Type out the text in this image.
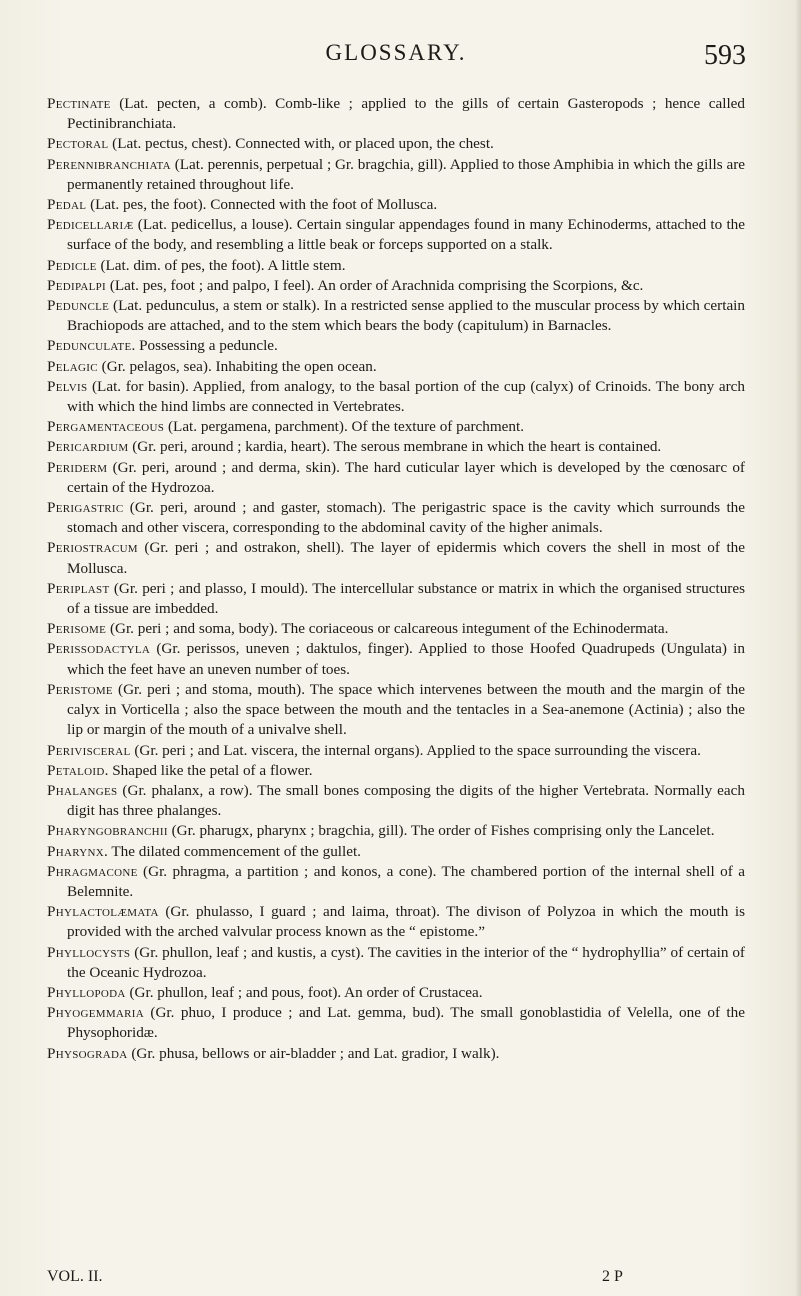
GLOSSARY.	593

Pectinate (Lat. pecten, a comb). Comb-like ; applied to the gills of certain Gasteropods ; hence called Pectinibranchiata.

Pectoral (Lat. pectus, chest). Connected with, or placed upon, the chest.

Perennibranchiata (Lat. perennis, perpetual ; Gr. bragchia, gill). Applied to those Amphibia in which the gills are permanently retained throughout life.

Pedal (Lat. pes, the foot). Connected with the foot of Mollusca.

Pedicellariæ (Lat. pedicellus, a louse). Certain singular appendages found in many Echinoderms, attached to the surface of the body, and resembling a little beak or forceps supported on a stalk.

Pedicle (Lat. dim. of pes, the foot). A little stem.

Pedipalpi (Lat. pes, foot ; and palpo, I feel). An order of Arachnida comprising the Scorpions, &c.

Peduncle (Lat. pedunculus, a stem or stalk). In a restricted sense applied to the muscular process by which certain Brachiopods are attached, and to the stem which bears the body (capitulum) in Barnacles.

Pedunculate. Possessing a peduncle.

Pelagic (Gr. pelagos, sea). Inhabiting the open ocean.

Pelvis (Lat. for basin). Applied, from analogy, to the basal portion of the cup (calyx) of Crinoids. The bony arch with which the hind limbs are connected in Vertebrates.

Pergamentaceous (Lat. pergamena, parchment). Of the texture of parchment.

Pericardium (Gr. peri, around ; kardia, heart). The serous membrane in which the heart is contained.

Periderm (Gr. peri, around ; and derma, skin). The hard cuticular layer which is developed by the cœnosarc of certain of the Hydrozoa.

Perigastric (Gr. peri, around ; and gaster, stomach). The perigastric space is the cavity which surrounds the stomach and other viscera, corresponding to the abdominal cavity of the higher animals.

Periostracum (Gr. peri ; and ostrakon, shell). The layer of epidermis which covers the shell in most of the Mollusca.

Periplast (Gr. peri ; and plasso, I mould). The intercellular substance or matrix in which the organised structures of a tissue are imbedded.

Perisome (Gr. peri ; and soma, body). The coriaceous or calcareous integument of the Echinodermata.

Perissodactyla (Gr. perissos, uneven ; daktulos, finger). Applied to those Hoofed Quadrupeds (Ungulata) in which the feet have an uneven number of toes.

Peristome (Gr. peri ; and stoma, mouth). The space which intervenes between the mouth and the margin of the calyx in Vorticella ; also the space between the mouth and the tentacles in a Sea-anemone (Actinia) ; also the lip or margin of the mouth of a univalve shell.

Perivisceral (Gr. peri ; and Lat. viscera, the internal organs). Applied to the space surrounding the viscera.

Petaloid. Shaped like the petal of a flower.

Phalanges (Gr. phalanx, a row). The small bones composing the digits of the higher Vertebrata. Normally each digit has three phalanges.

Pharyngobranchii (Gr. pharugx, pharynx ; bragchia, gill). The order of Fishes comprising only the Lancelet.

Pharynx. The dilated commencement of the gullet.

Phragmacone (Gr. phragma, a partition ; and konos, a cone). The chambered portion of the internal shell of a Belemnite.

Phylactolæmata (Gr. phulasso, I guard ; and laima, throat). The divison of Polyzoa in which the mouth is provided with the arched valvular process known as the “ epistome.”

Phyllocysts (Gr. phullon, leaf ; and kustis, a cyst). The cavities in the interior of the “ hydrophyllia” of certain of the Oceanic Hydrozoa.

Phyllopoda (Gr. phullon, leaf ; and pous, foot). An order of Crustacea.

Phyogemmaria (Gr. phuo, I produce ; and Lat. gemma, bud). The small gonoblastidia of Velella, one of the Physophoridæ.

Physograda (Gr. phusa, bellows or air-bladder ; and Lat. gradior, I walk).

VOL. II.	2 P
